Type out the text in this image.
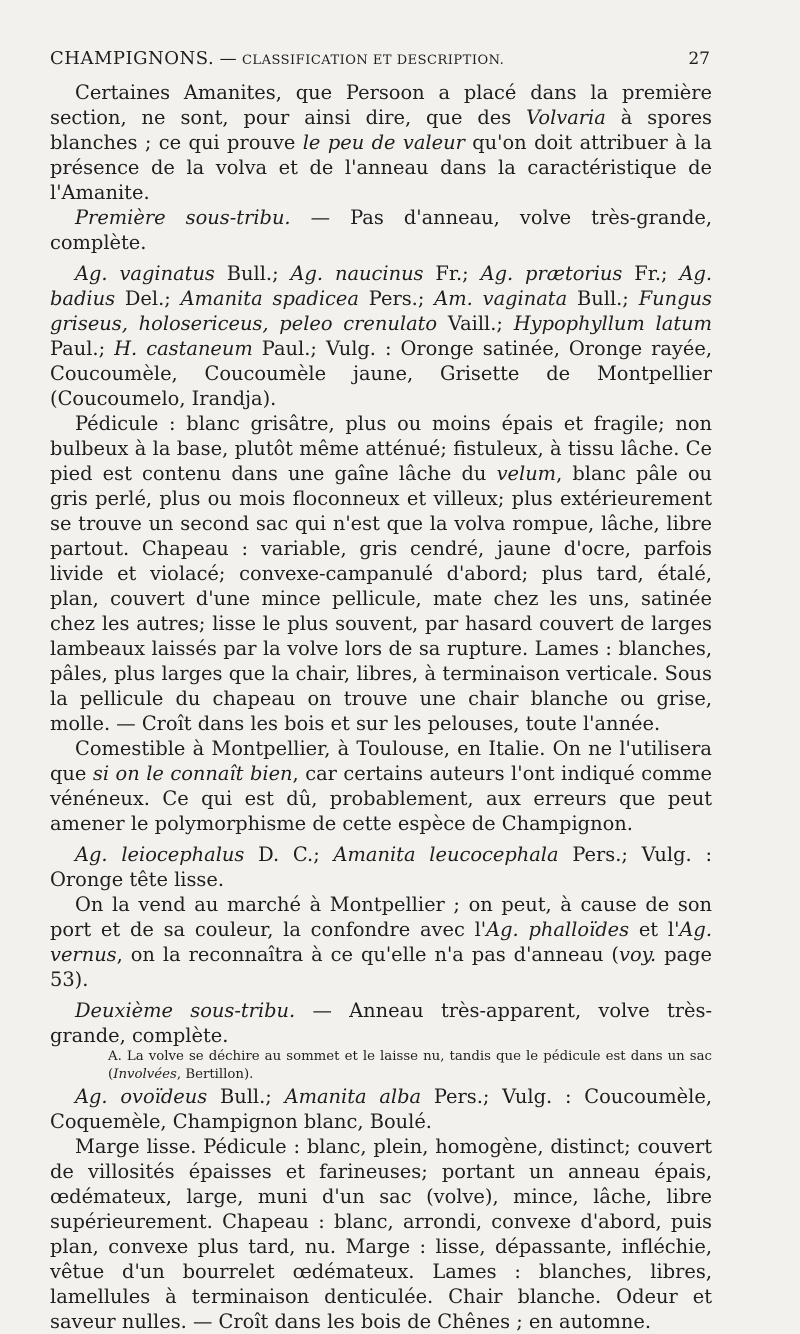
CHAMPIGNONS. — CLASSIFICATION ET DESCRIPTION.	27

Certaines Amanites, que Persoon a placé dans la première section, ne sont, pour ainsi dire, que des Volvaria à spores blanches ; ce qui prouve le peu de valeur qu'on doit attribuer à la présence de la volva et de l'anneau dans la caractéristique de l'Amanite.

Première sous-tribu. — Pas d'anneau, volve très-grande, complète.

Ag. vaginatus Bull.; Ag. naucinus Fr.; Ag. prætorius Fr.; Ag. badius Del.; Amanita spadicea Pers.; Am. vaginata Bull.; Fungus griseus, holosericeus, peleo crenulato Vaill.; Hypophyllum latum Paul.; H. castaneum Paul.; Vulg. : Oronge satinée, Oronge rayée, Coucoumèle, Coucoumèle jaune, Grisette de Montpellier (Coucoumelo, Irandja).

Pédicule : blanc grisâtre, plus ou moins épais et fragile; non bulbeux à la base, plutôt même atténué; fistuleux, à tissu lâche. Ce pied est contenu dans une gaîne lâche du velum, blanc pâle ou gris perlé, plus ou mois floconneux et villeux; plus extérieurement se trouve un second sac qui n'est que la volva rompue, lâche, libre partout. Chapeau : variable, gris cendré, jaune d'ocre, parfois livide et violacé; convexe-campanulé d'abord; plus tard, étalé, plan, couvert d'une mince pellicule, mate chez les uns, satinée chez les autres; lisse le plus souvent, par hasard couvert de larges lambeaux laissés par la volve lors de sa rupture. Lames : blanches, pâles, plus larges que la chair, libres, à terminaison verticale. Sous la pellicule du chapeau on trouve une chair blanche ou grise, molle. — Croît dans les bois et sur les pelouses, toute l'année.

Comestible à Montpellier, à Toulouse, en Italie. On ne l'utilisera que si on le connaît bien, car certains auteurs l'ont indiqué comme vénéneux. Ce qui est dû, probablement, aux erreurs que peut amener le polymorphisme de cette espèce de Champignon.

Ag. leiocephalus D. C.; Amanita leucocephala Pers.; Vulg. : Oronge tête lisse.

On la vend au marché à Montpellier ; on peut, à cause de son port et de sa couleur, la confondre avec l'Ag. phalloïdes et l'Ag. vernus, on la reconnaîtra à ce qu'elle n'a pas d'anneau (voy. page 53).

Deuxième sous-tribu. — Anneau très-apparent, volve très-grande, complète.

A. La volve se déchire au sommet et le laisse nu, tandis que le pédicule est dans un sac (Involvées, Bertillon).

Ag. ovoïdeus Bull.; Amanita alba Pers.; Vulg. : Coucoumèle, Coquemèle, Champignon blanc, Boulé.

Marge lisse. Pédicule : blanc, plein, homogène, distinct; couvert de villosités épaisses et farineuses; portant un anneau épais, œdémateux, large, muni d'un sac (volve), mince, lâche, libre supérieurement. Chapeau : blanc, arrondi, convexe d'abord, puis plan, convexe plus tard, nu. Marge : lisse, dépassante, infléchie, vêtue d'un bourrelet œdémateux. Lames : blanches, libres, lamellules à terminaison denticulée. Chair blanche. Odeur et saveur nulles. — Croît dans les bois de Chênes ; en automne.
